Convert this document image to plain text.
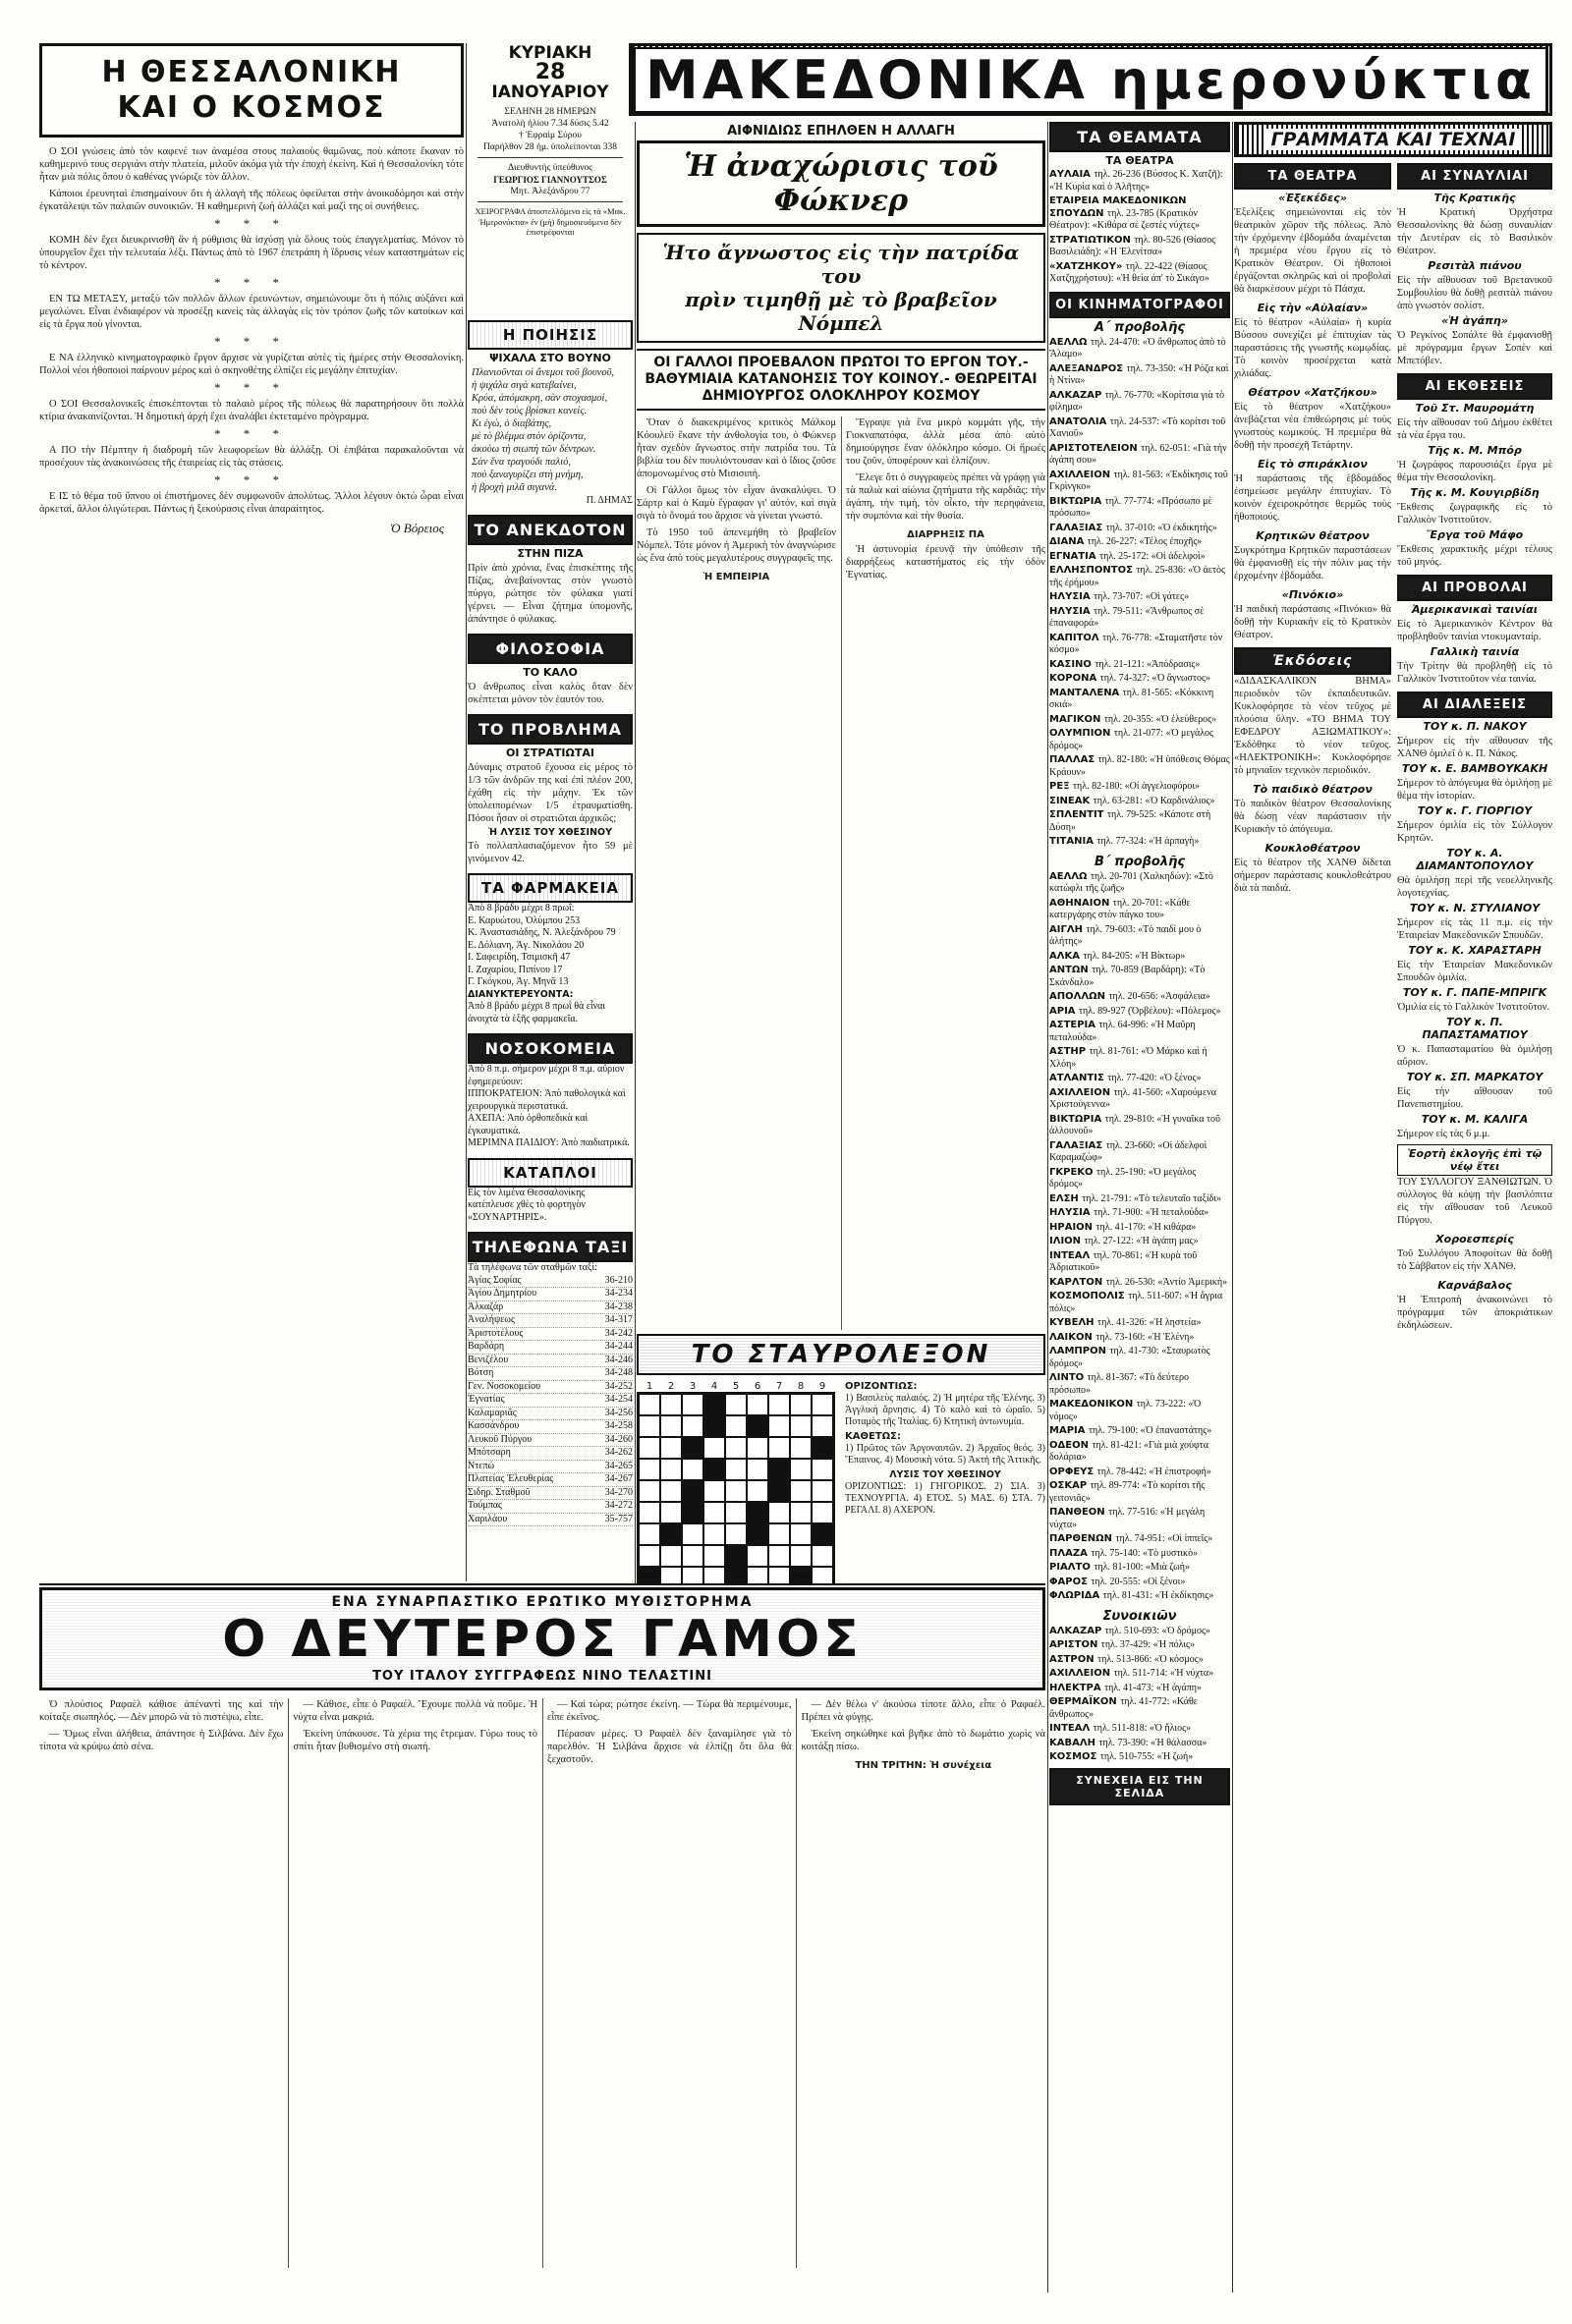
Η ΘΕΣΣΑΛΟΝΙΚΗ
ΚΑΙ Ο ΚΟΣΜΟΣ
ΚΥΡΙΑΚΗ
28
ΙΑΝΟΥΑΡΙΟΥ
ΣΕΛΗΝΗ 28 ΗΜΕΡΩΝ
Ἀνατολὴ ἡλίου 7.34 δύσις 5.42
† Ἐφραὶμ Σύρου
Παρήλθον 28 ἡμ. ὑπολείπονται 338
Διευθυντὴς ὑπεύθυνος
ΓΕΩΡΓΙΟΣ ΓΙΑΝΝΟΥΤΣΟΣ
Μητ. Ἀλεξάνδρου 77
ΧΕΙΡΟΓΡΑΦΑ ἀποστελλόμενα εἰς τὰ «Μακ. Ἡμερονύκτια» ἐν (μὴ) δημοσιευόμενα δὲν ἐπιστρέφονται
ΜΑΚΕΔΟΝΙΚΑ ημερονύκτια

Ο ΣΟΙ γνώσεις ἀπὸ τὸν καφενέ των ἀναμέσα στους παλαιοὺς θαμῶνας, ποὺ κάποτε ἔκαναν τὸ καθημερινό τους σεργιάνι στὴν πλατεία, μιλοῦν ἀκόμα γιὰ τὴν ἐποχὴ ἐκείνη. Καὶ ἡ Θεσσαλονίκη τότε ἦταν μιὰ πόλις ὅπου ὁ καθένας γνώριζε τὸν ἄλλον.

Κάποιοι ἐρευνηταὶ ἐπισημαίνουν ὅτι ἡ ἀλλαγὴ τῆς πόλεως ὀφείλεται στὴν ἀνοικοδόμησι καὶ στὴν ἐγκατάλειψι τῶν παλαιῶν συνοικιῶν. Ἡ καθημερινὴ ζωὴ ἀλλάζει καὶ μαζὶ της οἱ συνήθειες.

* * *

ΚΟΜΗ δὲν ἔχει διευκρινισθῆ ἂν ἡ ρύθμισις θὰ ἰσχύσῃ γιὰ ὅλους τοὺς ἐπαγγελματίας. Μόνον τὸ ὑπουργεῖον ἔχει τὴν τελευταία λέξι. Πάντως ἀπὸ τὸ 1967 ἐπετράπη ἡ ἵδρυσις νέων καταστημάτων εἰς τὸ κέντρον.

* * *

ΕΝ ΤΩ ΜΕΤΑΞΥ, μεταξὺ τῶν πολλῶν ἄλλων ἐρευνώντων, σημειώνουμε ὅτι ἡ πόλις αὐξάνει καὶ μεγαλώνει. Εἶναι ἐνδιαφέρον νὰ προσέξῃ κανεὶς τὰς ἀλλαγὰς εἰς τὸν τρόπον ζωῆς τῶν κατοίκων καὶ εἰς τὰ ἔργα ποὺ γίνονται.

* * *

Ε ΝΑ ἑλληνικὸ κινηματογραφικὸ ἔργον ἄρχισε νὰ γυρίζεται αὐτὲς τὶς ἡμέρες στὴν Θεσσαλονίκη. Πολλοὶ νέοι ἠθοποιοὶ παίρνουν μέρος καὶ ὁ σκηνοθέτης ἐλπίζει εἰς μεγάλην ἐπιτυχίαν.

* * *

Ο ΣΟΙ Θεσσαλονικεῖς ἐπισκέπτονται τὸ παλαιὸ μέρος τῆς πόλεως θὰ παρατηρήσουν ὅτι πολλὰ κτίρια ἀνακαινίζονται. Ἡ δημοτικὴ ἀρχὴ ἔχει ἀναλάβει ἐκτεταμένο πρόγραμμα.

* * *

Α ΠΟ τὴν Πέμπτην ἡ διαδρομὴ τῶν λεωφορείων θὰ ἀλλάξῃ. Οἱ ἐπιβάται παρακαλοῦνται νὰ προσέχουν τὰς ἀνακοινώσεις τῆς ἐταιρείας εἰς τὰς στάσεις.

* * *

Ε ΙΣ τὸ θέμα τοῦ ὕπνου οἱ ἐπιστήμονες δὲν συμφωνοῦν ἀπολύτως. Ἄλλοι λέγουν ὀκτὼ ὧραι εἶναι ἀρκεταί, ἄλλοι ὀλιγώτεραι. Πάντως ἡ ξεκούρασις εἶναι ἀπαραίτητος.

Ὁ Βόρειος
Η ΠΟΙΗΣΙΣ
ΨΙΧΑΛΑ ΣΤΟ ΒΟΥΝΟ
Πλανιοῦνται οἱ ἄνεμοι τοῦ βουνοῦ,
ἡ ψιχάλα σιγὰ κατεβαίνει,
Κρύα, ἀπόμακρη, σὰν στοχασμοί,
ποὺ δὲν τοὺς βρίσκει κανείς.
Κι ἐγώ, ὁ διαβάτης,
μὲ τὸ βλέμμα στὸν ὁρίζοντα,
ἀκούω τὴ σιωπὴ τῶν δέντρων.
Σὰν ἕνα τραγούδι παλιό,
ποὺ ξαναγυρίζει στὴ μνήμη,
ἡ βροχὴ μιλᾶ σιγανά.
Π. ΔΗΜΑΣ
ΤΟ ΑΝΕΚΔΟΤΟΝ
ΣΤΗΝ ΠΙΖΑ
Πρὶν ἀπὸ χρόνια, ἕνας ἐπισκέπτης τῆς Πίζας, ἀνεβαίνοντας στὸν γνωστὸ πύργο, ρώτησε τὸν φύλακα γιατί γέρνει. — Εἶναι ζήτημα ὑπομονῆς, ἀπάντησε ὁ φύλακας.
ΦΙΛΟΣΟΦΙΑ
ΤΟ ΚΑΛΟ
Ὁ ἄνθρωπος εἶναι καλὸς ὅταν δὲν σκέπτεται μόνον τὸν ἑαυτόν του.
ΤΟ ΠΡΟΒΛΗΜΑ
ΟΙ ΣΤΡΑΤΙΩΤΑΙ
Δύναμις στρατοῦ ἔχουσα εἰς μέρος τὸ 1/3 τῶν ἀνδρῶν της καὶ ἐπὶ πλέον 200, ἐχάθη εἰς τὴν μάχην. Ἐκ τῶν ὑπολειπομένων 1/5 ἐτραυματίσθη. Πόσοι ἦσαν οἱ στρατιῶται ἀρχικῶς;
Ἡ ΛΥΣΙΣ ΤΟΥ ΧΘΕΣΙΝΟΥ
Τὸ πολλαπλασιαζόμενον ἦτο 59 μὲ γινόμενον 42.
ΤΑ ΦΑΡΜΑΚΕΙΑ
Ἀπὸ 8 βράδυ μέχρι 8 πρωΐ:
Ε. Καρυώτου, Ὀλύμπου 253
Κ. Ἀναστασιάδης, Ν. Ἀλεξάνδρου 79
Ε. Δόλιανη, Ἀγ. Νικολάου 20
Ι. Σαφειρίδη, Τσιμισκῆ 47
Ι. Ζαχαρίου, Πιπίνου 17
Γ. Γκόγκου, Ἀγ. Μηνᾶ 13
ΔΙΑΝΥΚΤΕΡΕΥΟΝΤΑ:
Ἀπὸ 8 βράδυ μέχρι 8 πρωῒ θὰ εἶναι ἀνοιχτὰ τὰ ἑξῆς φαρμακεῖα.
ΝΟΣΟΚΟΜΕΙΑ
Ἀπὸ 8 π.μ. σήμερον μέχρι 8 π.μ. αὔριον ἐφημερεύουν:
ΙΠΠΟΚΡΑΤΕΙΟΝ: Ἀπὸ παθολογικὰ καὶ χειρουργικὰ περιστατικά.
ΑΧΕΠΑ: Ἀπὸ ὀρθοπεδικὰ καὶ ἐγκαυματικά.
ΜΕΡΙΜΝΑ ΠΑΙΔΙΟΥ: Ἀπὸ παιδιατρικά.
ΚΑΤΑΠΛΟΙ
Εἰς τὸν λιμένα Θεσσαλονίκης κατέπλευσε χθὲς τὸ φορτηγὸν «ΣΟΥΝΑΡΤΗΡΙΣ».
ΤΗΛΕΦΩΝΑ ΤΑΞΙ
Τὰ τηλέφωνα τῶν σταθμῶν ταξὶ:
Ἁγίας Σοφίας	36-210
Ἀγίου Δημητρίου	34-234
Ἀλκαζάρ	34-238
Ἀναλήψεως	34-317
Ἀριστοτέλους	34-242
Βαρδάρη	34-244
Βενιζέλου	34-246
Βότση	34-248
Γεν. Νοσοκομείου	34-252
Ἐγνατίας	34-254
Καλαμαριᾶς	34-256
Κασσάνδρου	34-258
Λευκοῦ Πύργου	34-260
Μπότσαρη	34-262
Ντεπώ	34-265
Πλατείας Ἑλευθερίας	34-267
Σιδηρ. Σταθμοῦ	34-270
Τούμπας	34-272
Χαριλάου	35-757
ΑΙΦΝΙΔΙΩΣ ΕΠΗΛΘΕΝ Η ΑΛΛΑΓΗ
Ἡ ἀναχώρισις τοῦ Φώκνερ
Ἡτο ἄγνωστος εἰς τὴν πατρίδα του
πρὶν τιμηθῇ μὲ τὸ βραβεῖον Νόμπελ
ΟΙ ΓΑΛΛΟΙ ΠΡΟΕΒΑΛΟΝ ΠΡΩΤΟΙ ΤΟ ΕΡΓΟΝ ΤΟΥ.- ΒΑΘΥΜΙΑΙΑ ΚΑΤΑΝΟΗΣΙΣ ΤΟΥ ΚΟΙΝΟΥ.- ΘΕΩΡΕΙΤΑΙ ΔΗΜΙΟΥΡΓΟΣ ΟΛΟΚΛΗΡΟΥ ΚΟΣΜΟΥ

Ὅταν ὁ διακεκριμένος κριτικὸς Μάλκομ Κόουλεϋ ἔκανε τὴν ἀνθολογία του, ὁ Φώκνερ ἦταν σχεδὸν ἄγνωστος στὴν πατρίδα του. Τὰ βιβλία του δὲν πουλιόντουσαν καὶ ὁ ἴδιος ζοῦσε ἀπομονωμένος στὸ Μισισιπὴ.

Οἱ Γάλλοι ὅμως τὸν εἶχαν ἀνακαλύψει. Ὁ Σάρτρ καὶ ὁ Καμὺ ἔγραφαν γι' αὐτόν, καὶ σιγὰ σιγὰ τὸ ὄνομά του ἄρχισε νὰ γίνεται γνωστό.

Τὸ 1950 τοῦ ἀπενεμήθη τὸ βραβεῖον Νόμπελ. Τότε μόνον ἡ Ἀμερικὴ τὸν ἀναγνώρισε ὡς ἕνα ἀπὸ τοὺς μεγαλυτέρους συγγραφεῖς της.

Ἡ ΕΜΠΕΙΡΙΑ

Ἔγραψε γιὰ ἕνα μικρὸ κομμάτι γῆς, τὴν Γιοκναπατόφα, ἀλλὰ μέσα ἀπὸ αὐτὸ δημιούργησε ἕναν ὁλόκληρο κόσμο. Οἱ ἥρωές του ζοῦν, ὑποφέρουν καὶ ἐλπίζουν.

Ἔλεγε ὅτι ὁ συγγραφεὺς πρέπει νὰ γράφῃ γιὰ τὰ παλιὰ καὶ αἰώνια ζητήματα τῆς καρδιᾶς: τὴν ἀγάπη, τὴν τιμή, τὸν οἶκτο, τὴν περηφάνεια, τὴν συμπόνια καὶ τὴν θυσία.

ΔΙΑΡΡΗΞΙΣ ΠΑ

Ἡ ἀστυνομία ἐρευνᾷ τὴν ὑπόθεσιν τῆς διαρρήξεως καταστήματος εἰς τὴν ὁδὸν Ἐγνατίας.

ΤΟ ΣΤΑΥΡΟΛΕΞΟΝ
1	2	3	4	5	6	7	8	9	ΟΡΙΖΟΝΤΙΩΣ:
1) Βασιλεὺς παλαιός. 2) Ἡ μητέρα τῆς Ἑλένης. 3) Ἀγγλικὴ ἄρνησις. 4) Τὸ καλὸ καὶ τὸ ὡραῖο. 5) Ποταμὸς τῆς Ἰταλίας. 6) Κτητικὴ ἀντωνυμία.
ΚΑΘΕΤΩΣ:
1) Πρῶτος τῶν Ἀργοναυτῶν. 2) Ἀρχαῖος θεός. 3) Ἔπαινος. 4) Μουσικὴ νότα. 5) Ἀκτὴ τῆς Ἀττικῆς.
ΛΥΣΙΣ ΤΟΥ ΧΘΕΣΙΝΟΥ
ΟΡΙΖΟΝΤΙΩΣ: 1) ΓΗΓΟΡΙΚΟΣ. 2) ΣΙΑ. 3) ΤΕΧΝΟΥΡΓΙΑ. 4) ΕΤΟΣ. 5) ΜΑΣ. 6) ΣΤΑ. 7) ΡΕΓΑΛΙ. 8) ΑΧΕΡΟΝ.
ΤΑ ΘΕΑΜΑΤΑ
ΤΑ ΘΕΑΤΡΑ
ΑΥΛΑΙΑ τηλ. 26-236 (Βύσσος Κ. Χατζῆ): «Ἡ Κυρία καὶ ὁ Ἀλῆτης»
ΕΤΑΙΡΕΙΑ ΜΑΚΕΔΟΝΙΚΩΝ ΣΠΟΥΔΩΝ τηλ. 23-785 (Κρατικὸν Θέατρον): «Κιθάρα σὲ ζεστὲς νύχτες»
ΣΤΡΑΤΙΩΤΙΚΟΝ τηλ. 80-526 (Θίασος Βασιλειάδη): «Ἡ Ἐλενίτσα»
«ΧΑΤΖΗΚΟΥ» τηλ. 22-422 (Θίασος Χατζηχρήστου): «Ἡ θεία ἀπ' τὸ Σικάγο»
ΟΙ ΚΙΝΗΜΑΤΟΓΡΑΦΟΙ
Α΄ προβολῆς
ΑΕΛΛΩ τηλ. 24-470: «Ὁ ἄνθρωπος ἀπὸ τὸ Ἄλαμο»
ΑΛΕΞΑΝΔΡΟΣ τηλ. 73-350: «Ἡ Ρόζα καὶ ἡ Ντίνα»
ΑΛΚΑΖΑΡ τηλ. 76-770: «Κορίτσια γιὰ τὸ φίλημα»
ΑΝΑΤΟΛΙΑ τηλ. 24-537: «Τὸ κορίτσι τοῦ Χανιοῦ»
ΑΡΙΣΤΟΤΕΛΕΙΟΝ τηλ. 62-051: «Γιὰ τὴν ἀγάπη σου»
ΑΧΙΛΛΕΙΟΝ τηλ. 81-563: «Ἐκδίκησις τοῦ Γκρὶνγκο»
ΒΙΚΤΩΡΙΑ τηλ. 77-774: «Πρόσωπο μὲ πρόσωπο»
ΓΑΛΑΞΙΑΣ τηλ. 37-010: «Ὁ ἐκδικητὴς»
ΔΙΑΝΑ τηλ. 26-227: «Τέλος ἐποχῆς»
ΕΓΝΑΤΙΑ τηλ. 25-172: «Οἱ ἀδελφοὶ»
ΕΛΛΗΣΠΟΝΤΟΣ τηλ. 25-836: «Ὁ ἀετὸς τῆς ἐρήμου»
ΗΛΥΣΙΑ τηλ. 73-707: «Οἱ γάτες»
ΗΛΥΣΙΑ τηλ. 79-511: «Ἄνθρωπος σὲ ἐπαναφορά»
ΚΑΠΙΤΟΛ τηλ. 76-778: «Σταματῆστε τὸν κόσμο»
ΚΑΣΙΝΟ τηλ. 21-121: «Ἀπόδρασις»
ΚΟΡΟΝΑ τηλ. 74-327: «Ὁ ἄγνωστος»
ΜΑΝΤΑΛΕΝΑ τηλ. 81-565: «Κόκκινη σκιά»
ΜΑΓΙΚΟΝ τηλ. 20-355: «Ὁ ἐλεύθερος»
ΟΛΥΜΠΙΟΝ τηλ. 21-077: «Ὁ μεγάλος δρόμος»
ΠΑΛΛΑΣ τηλ. 82-180: «Ἡ ὑπόθεσις Θόμας Κράουν»
ΡΕΞ τηλ. 82-180: «Οἱ ἀγγελιοφόροι»
ΣΙΝΕΑΚ τηλ. 63-281: «Ὁ Καρδινάλιος»
ΣΠΛΕΝΤΙΤ τηλ. 79-525: «Κάποτε στὴ Δύση»
ΤΙΤΑΝΙΑ τηλ. 77-324: «Ἡ ἀρπαγὴ»
Β΄ προβολῆς
ΑΕΛΛΩ τηλ. 20-701 (Χαλκηδών): «Στὸ κατώφλι τῆς ζωῆς»
ΑΘΗΝΑΙΟΝ τηλ. 20-701: «Κάθε κατεργάρης στὸν πάγκο του»
ΑΙΓΛΗ τηλ. 79-603: «Τὸ παιδί μου ὁ ἀλήτης»
ΑΛΚΑ τηλ. 84-205: «Ἡ Βίκτωρ»
ΑΝΤΩΝ τηλ. 70-859 (Βαρδάρη): «Τὸ Σκάνδαλο»
ΑΠΟΛΛΩΝ τηλ. 20-656: «Ἀσφάλεια»
ΑΡΙΑ τηλ. 89-927 (Ὀρβέλου): «Πόλεμος»
ΑΣΤΕΡΙΑ τηλ. 64-996: «Ἡ Μαῦρη πεταλούδα»
ΑΣΤΗΡ τηλ. 81-761: «Ὁ Μάρκο καὶ ἡ Χλόη»
ΑΤΛΑΝΤΙΣ τηλ. 77-420: «Ὁ ξένος»
ΑΧΙΛΛΕΙΟΝ τηλ. 41-560: «Χαρούμενα Χριστούγεννα»
ΒΙΚΤΩΡΙΑ τηλ. 29-810: «Ἡ γυναῖκα τοῦ ἀλλουνοῦ»
ΓΑΛΑΞΙΑΣ τηλ. 23-660: «Οἱ ἀδελφοὶ Καραμαζώφ»
ΓΚΡΕΚΟ τηλ. 25-190: «Ὁ μεγάλος δρόμος»
ΕΛΣΗ τηλ. 21-791: «Τὸ τελευταῖο ταξίδι»
ΗΛΥΣΙΑ τηλ. 71-900: «Ἡ πεταλούδα»
ΗΡΑΙΟΝ τηλ. 41-170: «Ἡ κιθάρα»
ΙΛΙΟΝ τηλ. 27-122: «Ἡ ἀγάπη μας»
ΙΝΤΕΑΛ τηλ. 70-861: «Ἡ κυρὰ τοῦ Ἀδριατικοῦ»
ΚΑΡΛΤΟΝ τηλ. 26-530: «Ἀντίο Ἀμερική»
ΚΟΣΜΟΠΟΛΙΣ τηλ. 511-607: «Ἡ ἄγρια πόλις»
ΚΥΒΕΛΗ τηλ. 41-326: «Ἡ ληστεία»
ΛΑΙΚΟΝ τηλ. 73-160: «Ἡ Ἑλένη»
ΛΑΜΠΡΟΝ τηλ. 41-730: «Σταυρωτὸς δρόμος»
ΛΙΝΤΟ τηλ. 81-367: «Τὸ δεύτερο πρόσωπο»
ΜΑΚΕΔΟΝΙΚΟΝ τηλ. 73-222: «Ὁ νόμος»
ΜΑΡΙΑ τηλ. 79-100: «Ὁ ἐπαναστάτης»
ΟΔΕΟΝ τηλ. 81-421: «Γιὰ μιὰ χούφτα δολάρια»
ΟΡΦΕΥΣ τηλ. 78-442: «Ἡ ἐπιστροφή»
ΟΣΚΑΡ τηλ. 89-774: «Τὸ κορίτσι τῆς γειτονιᾶς»
ΠΑΝΘΕΟΝ τηλ. 77-516: «Ἡ μεγάλη νύχτα»
ΠΑΡΘΕΝΩΝ τηλ. 74-951: «Οἱ ἱππεῖς»
ΠΛΑΖΑ τηλ. 75-140: «Τὸ μυστικὸ»
ΡΙΑΛΤΟ τηλ. 81-100: «Μιὰ ζωὴ»
ΦΑΡΟΣ τηλ. 20-555: «Οἱ ξένοι»
ΦΛΩΡΙΔΑ τηλ. 81-431: «Ἡ ἐκδίκησις»
Συνοικιῶν
ΑΛΚΑΖΑΡ τηλ. 510-693: «Ὁ δρόμος»
ΑΡΙΣΤΟΝ τηλ. 37-429: «Ἡ πόλις»
ΑΣΤΡΟΝ τηλ. 513-866: «Ὁ κόσμος»
ΑΧΙΛΛΕΙΟΝ τηλ. 511-714: «Ἡ νύχτα»
ΗΛΕΚΤΡΑ τηλ. 41-473: «Ἡ ἀγάπη»
ΘΕΡΜΑΪΚΟΝ τηλ. 41-772: «Κάθε ἄνθρωπος»
ΙΝΤΕΑΛ τηλ. 511-818: «Ὁ ἥλιος»
ΚΑΒΑΛΗ τηλ. 73-390: «Ἡ θάλασσα»
ΚΟΣΜΟΣ τηλ. 510-755: «Ἡ ζωή»
ΣΥΝΕΧΕΙΑ ΕΙΣ ΤΗΝ ΣΕΛΙΔΑ
ΓΡΑΜΜΑΤΑ ΚΑΙ ΤΕΧΝΑΙ
ΤΑ ΘΕΑΤΡΑ
«Ἐξεκέδες»
Ἐξελίξεις σημειώνονται εἰς τὸν θεατρικὸν χῶρον τῆς πόλεως. Ἀπὸ τὴν ἐρχόμενην ἑβδομάδα ἀναμένεται ἡ πρεμιέρα νέου ἔργου εἰς τὸ Κρατικὸν Θέατρον. Οἱ ἠθοποιοὶ ἐργάζονται σκληρῶς καὶ οἱ προβολαὶ θὰ διαρκέσουν μέχρι τὸ Πάσχα.
Εἰς τὴν «Αὐλαίαν»
Εἰς τὸ θέατρον «Αὐλαία» ἡ κυρία Βύσσου συνεχίζει μὲ ἐπιτυχίαν τὰς παραστάσεις τῆς γνωστῆς κωμῳδίας. Τὸ κοινὸν προσέρχεται κατὰ χιλιάδας.
Θέατρον «Χατζήκου»
Εἰς τὸ θέατρον «Χατζήκου» ἀνεβάζεται νέα ἐπιθεώρησις μὲ τοὺς γνωστοὺς κωμικούς. Ἡ πρεμιέρα θὰ δοθῇ τὴν προσεχῆ Τετάρτην.
Εἰς τὸ σπιράκλιον
Ἡ παράστασις τῆς ἑβδομάδος ἐσημείωσε μεγάλην ἐπιτυχίαν. Τὸ κοινὸν ἐχειροκρότησε θερμῶς τοὺς ἠθοποιούς.
Κρητικῶν θέατρον
Συγκρότημα Κρητικῶν παραστάσεων θὰ ἐμφανισθῇ εἰς τὴν πόλιν μας τὴν ἐρχομένην ἑβδομάδα.
«Πινόκιο»
Ἡ παιδικὴ παράστασις «Πινόκιο» θὰ δοθῇ τὴν Κυριακὴν εἰς τὸ Κρατικὸν Θέατρον.
Ἐκδόσεις
«ΔΙΔΑΣΚΑΛΙΚΟΝ ΒΗΜΑ» περιοδικὸν τῶν ἐκπαιδευτικῶν. Κυκλοφόρησε τὸ νέον τεῦχος μὲ πλούσια ὕλην. «ΤΟ ΒΗΜΑ ΤΟΥ ΕΦΕΔΡΟΥ ΑΞΙΩΜΑΤΙΚΟΥ»: Ἐκδόθηκε τὸ νέον τεῦχος. «ΗΛΕΚΤΡΟΝΙΚΗ»: Κυκλοφόρησε τὸ μηνιαῖον τεχνικὸν περιοδικόν.
Τὸ παιδικὸ θέατρον
Τὸ παιδικὸν θέατρον Θεσσαλονίκης θὰ δώσῃ νέαν παράστασιν τὴν Κυριακὴν τὸ ἀπόγευμα.
Κουκλοθέατρον
Εἰς τὸ θέατρον τῆς ΧΑΝΘ δίδεται σήμερον παράστασις κουκλοθεάτρου διὰ τὰ παιδιά.
ΑΙ ΣΥΝΑΥΛΙΑΙ
Τῆς Κρατικῆς
Ἡ Κρατικὴ Ὀρχήστρα Θεσσαλονίκης θὰ δώσῃ συναυλίαν τὴν Δευτέραν εἰς τὸ Βασιλικὸν Θέατρον.
Ρεσιτὰλ πιάνου
Εἰς τὴν αἴθουσαν τοῦ Βρετανικοῦ Συμβουλίου θὰ δοθῇ ρεσιτὰλ πιάνου ἀπὸ γνωστὸν σολίστ.
«Ἡ ἀγάπη»
Ὁ Ρεγκίνος Σοπάλτε θὰ ἐμφανισθῇ μὲ πρόγραμμα ἔργων Σοπὲν καὶ Μπετόβεν.
ΑΙ ΕΚΘΕΣΕΙΣ
Τοῦ Στ. Μαυρομάτη
Εἰς τὴν αἴθουσαν τοῦ Δήμου ἐκθέτει τὰ νέα ἔργα του.
Τῆς κ. Μ. Μπόρ
Ἡ ζωγράφος παρουσιάζει ἔργα μὲ θέμα τὴν Θεσσαλονίκη.
Τῆς κ. Μ. Κουγιρβίδη
Ἔκθεσις ζωγραφικῆς εἰς τὸ Γαλλικὸν Ἰνστιτοῦτον.
Ἔργα τοῦ Μάφο
Ἔκθεσις χαρακτικῆς μέχρι τέλους τοῦ μηνός.
ΑΙ ΠΡΟΒΟΛΑΙ
Ἀμερικανικαὶ ταινίαι
Εἰς τὸ Ἀμερικανικὸν Κέντρον θὰ προβληθοῦν ταινίαι ντοκυμανταίρ.
Γαλλικὴ ταινία
Τὴν Τρίτην θὰ προβληθῇ εἰς τὸ Γαλλικὸν Ἰνστιτοῦτον νέα ταινία.
ΑΙ ΔΙΑΛΕΞΕΙΣ
ΤΟΥ κ. Π. ΝΑΚΟΥ
Σήμερον εἰς τὴν αἴθουσαν τῆς ΧΑΝΘ ὁμιλεῖ ὁ κ. Π. Νάκος.
ΤΟΥ κ. Ε. ΒΑΜΒΟΥΚΑΚΗ
Σήμερον τὸ ἀπόγευμα θὰ ὁμιλήσῃ μὲ θέμα τὴν ἱστορίαν.
ΤΟΥ κ. Γ. ΓΙΟΡΓΙΟΥ
Σήμερον ὁμιλία εἰς τὸν Σύλλογον Κρητῶν.
ΤΟΥ κ. Α. ΔΙΑΜΑΝΤΟΠΟΥΛΟΥ
Θὰ ὁμιλήσῃ περὶ τῆς νεοελληνικῆς λογοτεχνίας.
ΤΟΥ κ. Ν. ΣΤΥΛΙΑΝΟΥ
Σήμερον εἰς τὰς 11 π.μ. εἰς τὴν Ἑταιρείαν Μακεδονικῶν Σπουδῶν.
ΤΟΥ κ. Κ. ΧΑΡΑΣΤΑΡΗ
Εἰς τὴν Ἑταιρείαν Μακεδονικῶν Σπουδῶν ὁμιλία.
ΤΟΥ κ. Γ. ΠΑΠΕ-ΜΠΡΙΓΚ
Ὁμιλία εἰς τὸ Γαλλικὸν Ἰνστιτοῦτον.
ΤΟΥ κ. Π. ΠΑΠΑΣΤΑΜΑΤΙΟΥ
Ὁ κ. Παπασταματίου θὰ ὁμιλήσῃ αὔριον.
ΤΟΥ κ. ΣΠ. ΜΑΡΚΑΤΟΥ
Εἰς τὴν αἴθουσαν τοῦ Πανεπιστημίου.
ΤΟΥ κ. Μ. ΚΑΛΙΓΑ
Σήμερον εἰς τὰς 6 μ.μ.
Ἑορτὴ ἐκλογῆς ἐπὶ τῷ νέῳ ἔτει
ΤΟΥ ΣΥΛΛΟΓΟΥ ΞΑΝΘΙΩΤΩΝ. Ὁ σύλλογος θὰ κόψῃ τὴν βασιλόπιτα εἰς τὴν αἴθουσαν τοῦ Λευκοῦ Πύργου.
Χοροεσπερίς
Τοῦ Συλλόγου Ἀποφοίτων θὰ δοθῇ τὸ Σάββατον εἰς τὴν ΧΑΝΘ.
Καρνάβαλος
Ἡ Ἐπιτροπὴ ἀνακοινώνει τὸ πρόγραμμα τῶν ἀποκριάτικων ἐκδηλώσεων.
ΕΝΑ ΣΥΝΑΡΠΑΣΤΙΚΟ ΕΡΩΤΙΚΟ ΜΥΘΙΣΤΟΡΗΜΑ
Ο ΔΕΥΤΕΡΟΣ ΓΑΜΟΣ
ΤΟΥ ΙΤΑΛΟΥ ΣΥΓΓΡΑΦΕΩΣ ΝΙΝΟ ΤΕΛΑΣΤΙΝΙ

Ὁ πλούσιος Ραφαὲλ κάθισε ἀπέναντί της καὶ τὴν κοίταξε σιωπηλός. — Δὲν μπορῶ νὰ τὸ πιστέψω, εἶπε.

— Ὅμως εἶναι ἀλήθεια, ἀπάντησε ἡ Σιλβάνα. Δὲν ἔχω τίποτα νὰ κρύψω ἀπὸ σένα.

— Κάθισε, εἶπε ὁ Ραφαέλ. Ἔχουμε πολλὰ νὰ ποῦμε. Ἡ νύχτα εἶναι μακριά.

Ἐκείνη ὑπάκουσε. Τὰ χέρια της ἔτρεμαν. Γύρω τους τὸ σπίτι ἦταν βυθισμένο στὴ σιωπή.

— Καὶ τώρα; ρώτησε ἐκείνη. — Τώρα θὰ περιμένουμε, εἶπε ἐκεῖνος.

Πέρασαν μέρες. Ὁ Ραφαὲλ δὲν ξαναμίλησε γιὰ τὸ παρελθόν. Ἡ Σιλβάνα ἄρχισε νὰ ἐλπίζῃ ὅτι ὅλα θὰ ξεχαστοῦν.

— Δὲν θέλω ν' ἀκούσω τίποτε ἄλλο, εἶπε ὁ Ραφαέλ. Πρέπει νὰ φύγῃς.

Ἐκείνη σηκώθηκε καὶ βγῆκε ἀπὸ τὸ δωμάτιο χωρὶς νὰ κοιτάξῃ πίσω.

ΤΗΝ ΤΡΙΤΗΝ: Ἡ συνέχεια
